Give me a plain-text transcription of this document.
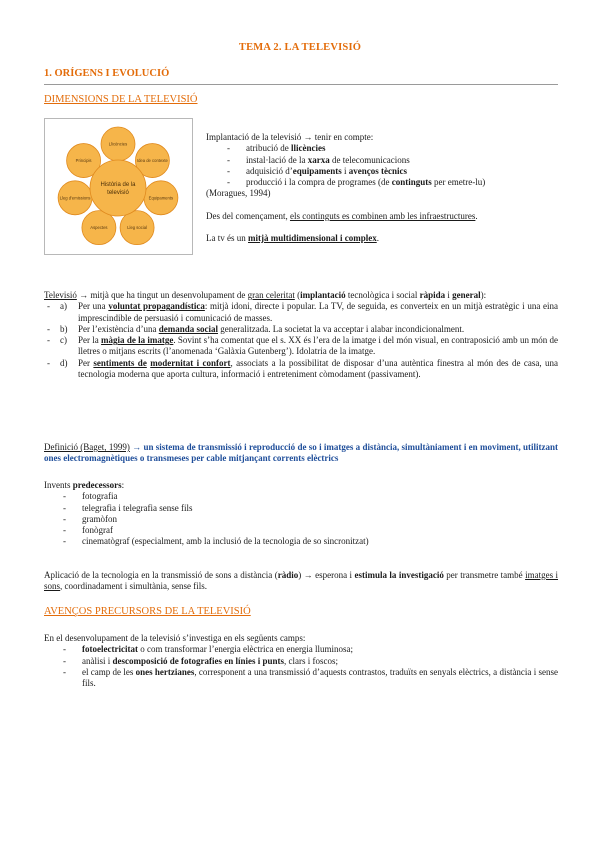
TEMA 2. LA TELEVISIÓ
1. ORÍGENS I EVOLUCIÓ
DIMENSIONS DE LA TELEVISIÓ
Llicències
Idea de contexte
Equipaments
Lleg social
Aspectes
Lleg d'emissions
Principis
Història de la
televisió
Implantació de la televisió → tenir en compte:
- atribució de llicències
- instal·lació de la xarxa de telecomunicacions
- adquisició d’equipaments i avenços tècnics
- producció i la compra de programes (de continguts per emetre-lu)
(Moragues, 1994)
Des del començament, els continguts es combinen amb les infraestructures.
La tv és un mitjà multidimensional i complex.
Televisió → mitjà que ha tingut un desenvolupament de gran celeritat (implantació tecnològica i social ràpida i general):
- a) Per una voluntat propagandística: mitjà idoni, directe i popular. La TV, de seguida, es converteix en un mitjà estratègic i una eina imprescindible de persuasió i comunicació de masses.
- b) Per l’existència d’una demanda social generalitzada. La societat la va acceptar i alabar incondicionalment.
- c) Per la màgia de la imatge. Sovint s’ha comentat que el s. XX és l’era de la imatge i del món visual, en contraposició amb un món de lletres o mitjans escrits (l’anomenada ‘Galàxia Gutenberg’). Idolatria de la imatge.
- d) Per sentiments de modernitat i confort, associats a la possibilitat de disposar d’una autèntica finestra al món des de casa, una tecnologia moderna que aporta cultura, informació i entreteniment còmodament (passivament).
Definició (Baget, 1999) → un sistema de transmissió i reproducció de so i imatges a distància, simultàniament i en moviment, utilitzant ones electromagnètiques o transmeses per cable mitjançant corrents elèctrics
Invents predecessors:
- fotografia
- telegrafia i telegrafia sense fils
- gramòfon
- fonògraf
- cinematògraf (especialment, amb la inclusió de la tecnologia de so sincronitzat)
Aplicació de la tecnologia en la transmissió de sons a distància (ràdio) → esperona i estimula la investigació per transmetre també imatges i sons, coordinadament i simultània, sense fils.
AVENÇOS PRECURSORS DE LA TELEVISIÓ
En el desenvolupament de la televisió s’investiga en els següents camps:
- fotoelectricitat o com transformar l’energia elèctrica en energia lluminosa;
- anàlisi i descomposició de fotografies en línies i punts, clars i foscos;
- el camp de les ones hertzianes, corresponent a una transmissió d’aquests contrastos, traduïts en senyals elèctrics, a distància i sense fils.
